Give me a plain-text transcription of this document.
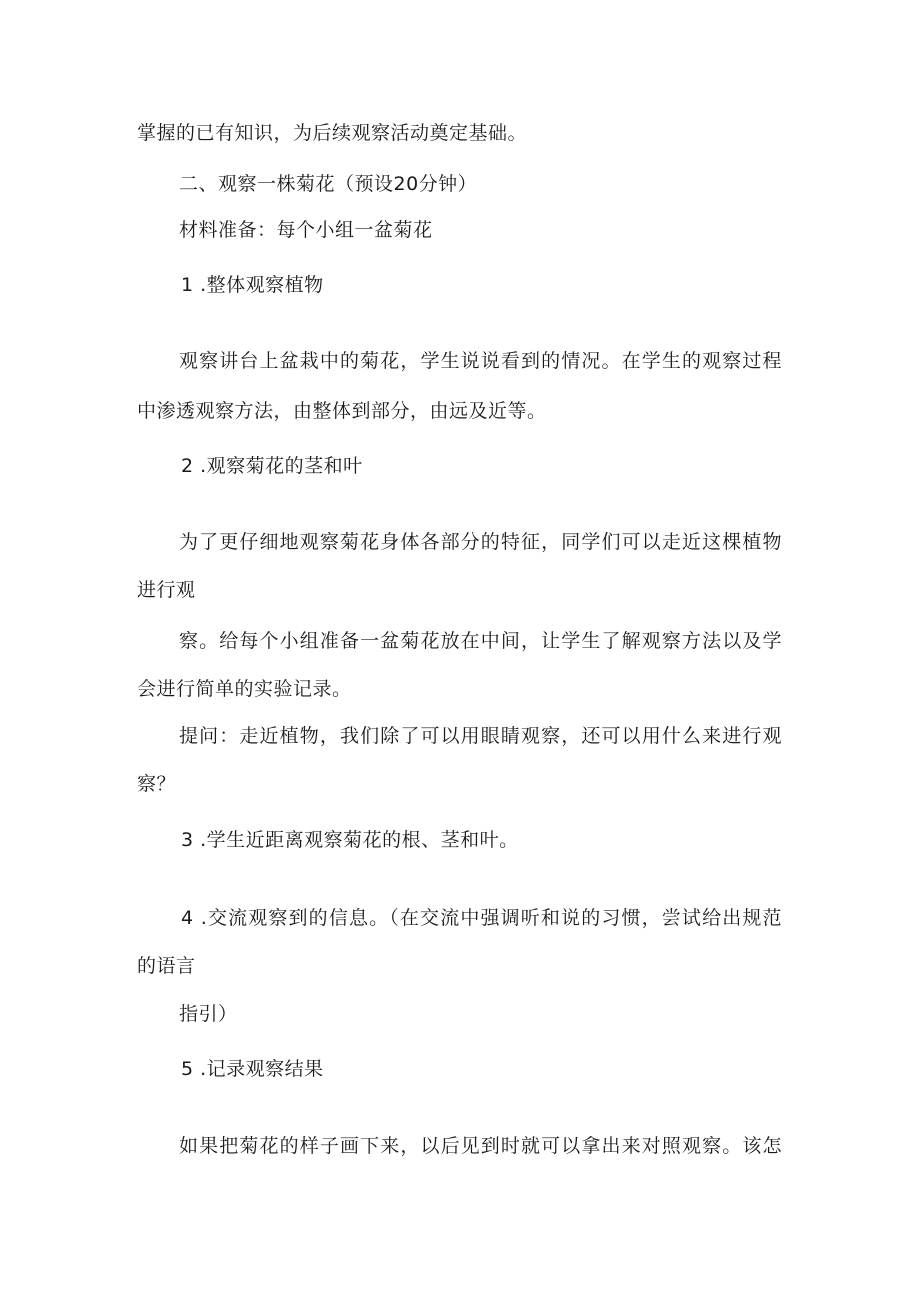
掌握的已有知识，为后续观察活动奠定基础。
二、观察一株菊花（预设20分钟）
材料准备：每个小组一盆菊花
1 .整体观察植物
观察讲台上盆栽中的菊花，学生说说看到的情况。在学生的观察过程
中渗透观察方法，由整体到部分，由远及近等。
2 .观察菊花的茎和叶
为了更仔细地观察菊花身体各部分的特征，同学们可以走近这棵植物
进行观
察。给每个小组准备一盆菊花放在中间，让学生了解观察方法以及学
会进行简单的实验记录。
提问：走近植物，我们除了可以用眼睛观察，还可以用什么来进行观
察？
3 .学生近距离观察菊花的根、茎和叶。
4 .交流观察到的信息。（在交流中强调听和说的习惯，尝试给出规范
的语言
指引）
5 .记录观察结果
如果把菊花的样子画下来，以后见到时就可以拿出来对照观察。该怎
